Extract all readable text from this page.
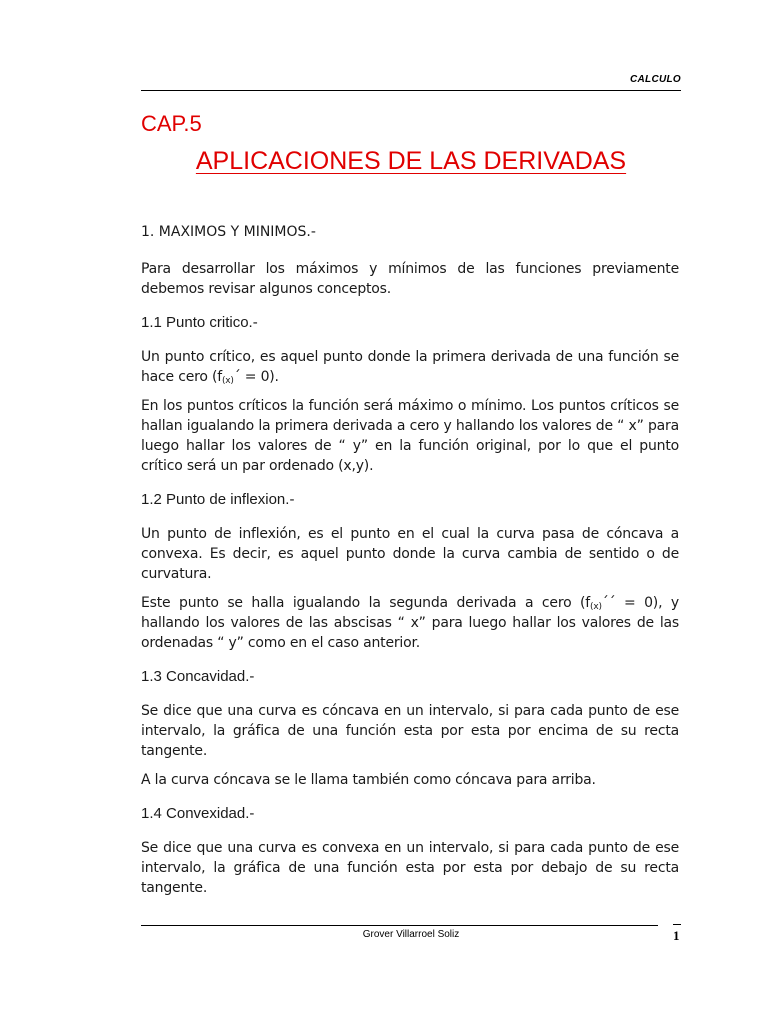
CALCULO
CAP.5
APLICACIONES DE LAS DERIVADAS
1. MAXIMOS Y MINIMOS.-

Para desarrollar los máximos y mínimos de las funciones previamente debemos revisar algunos conceptos.

1.1 Punto critico.-

Un punto crítico, es aquel punto donde la primera derivada de una función se hace cero $(f_{(x)}´ = 0)$.

En los puntos críticos la función será máximo o mínimo. Los puntos críticos se hallan igualando la primera derivada a cero y hallando los valores de “ x” para luego hallar los valores de “ y” en la función original, por lo que el punto crítico será un par ordenado (x,y).

1.2 Punto de inflexion.-

Un punto de inflexión, es el punto en el cual la curva pasa de cóncava a convexa. Es decir, es aquel punto donde la curva cambia de sentido o de curvatura.

Este punto se halla igualando la segunda derivada a cero $(f_{(x)}´´ = 0)$, y hallando los valores de las abscisas “ x” para luego hallar los valores de las ordenadas “ y” como en el caso anterior.

1.3 Concavidad.-

Se dice que una curva es cóncava en un intervalo, si para cada punto de ese intervalo, la gráfica de una función esta por esta por encima de su recta tangente.

A la curva cóncava se le llama también como cóncava para arriba.

1.4 Convexidad.-

Se dice que una curva es convexa en un intervalo, si para cada punto de ese intervalo, la gráfica de una función esta por esta por debajo de su recta tangente.

Grover Villarroel Soliz	1
